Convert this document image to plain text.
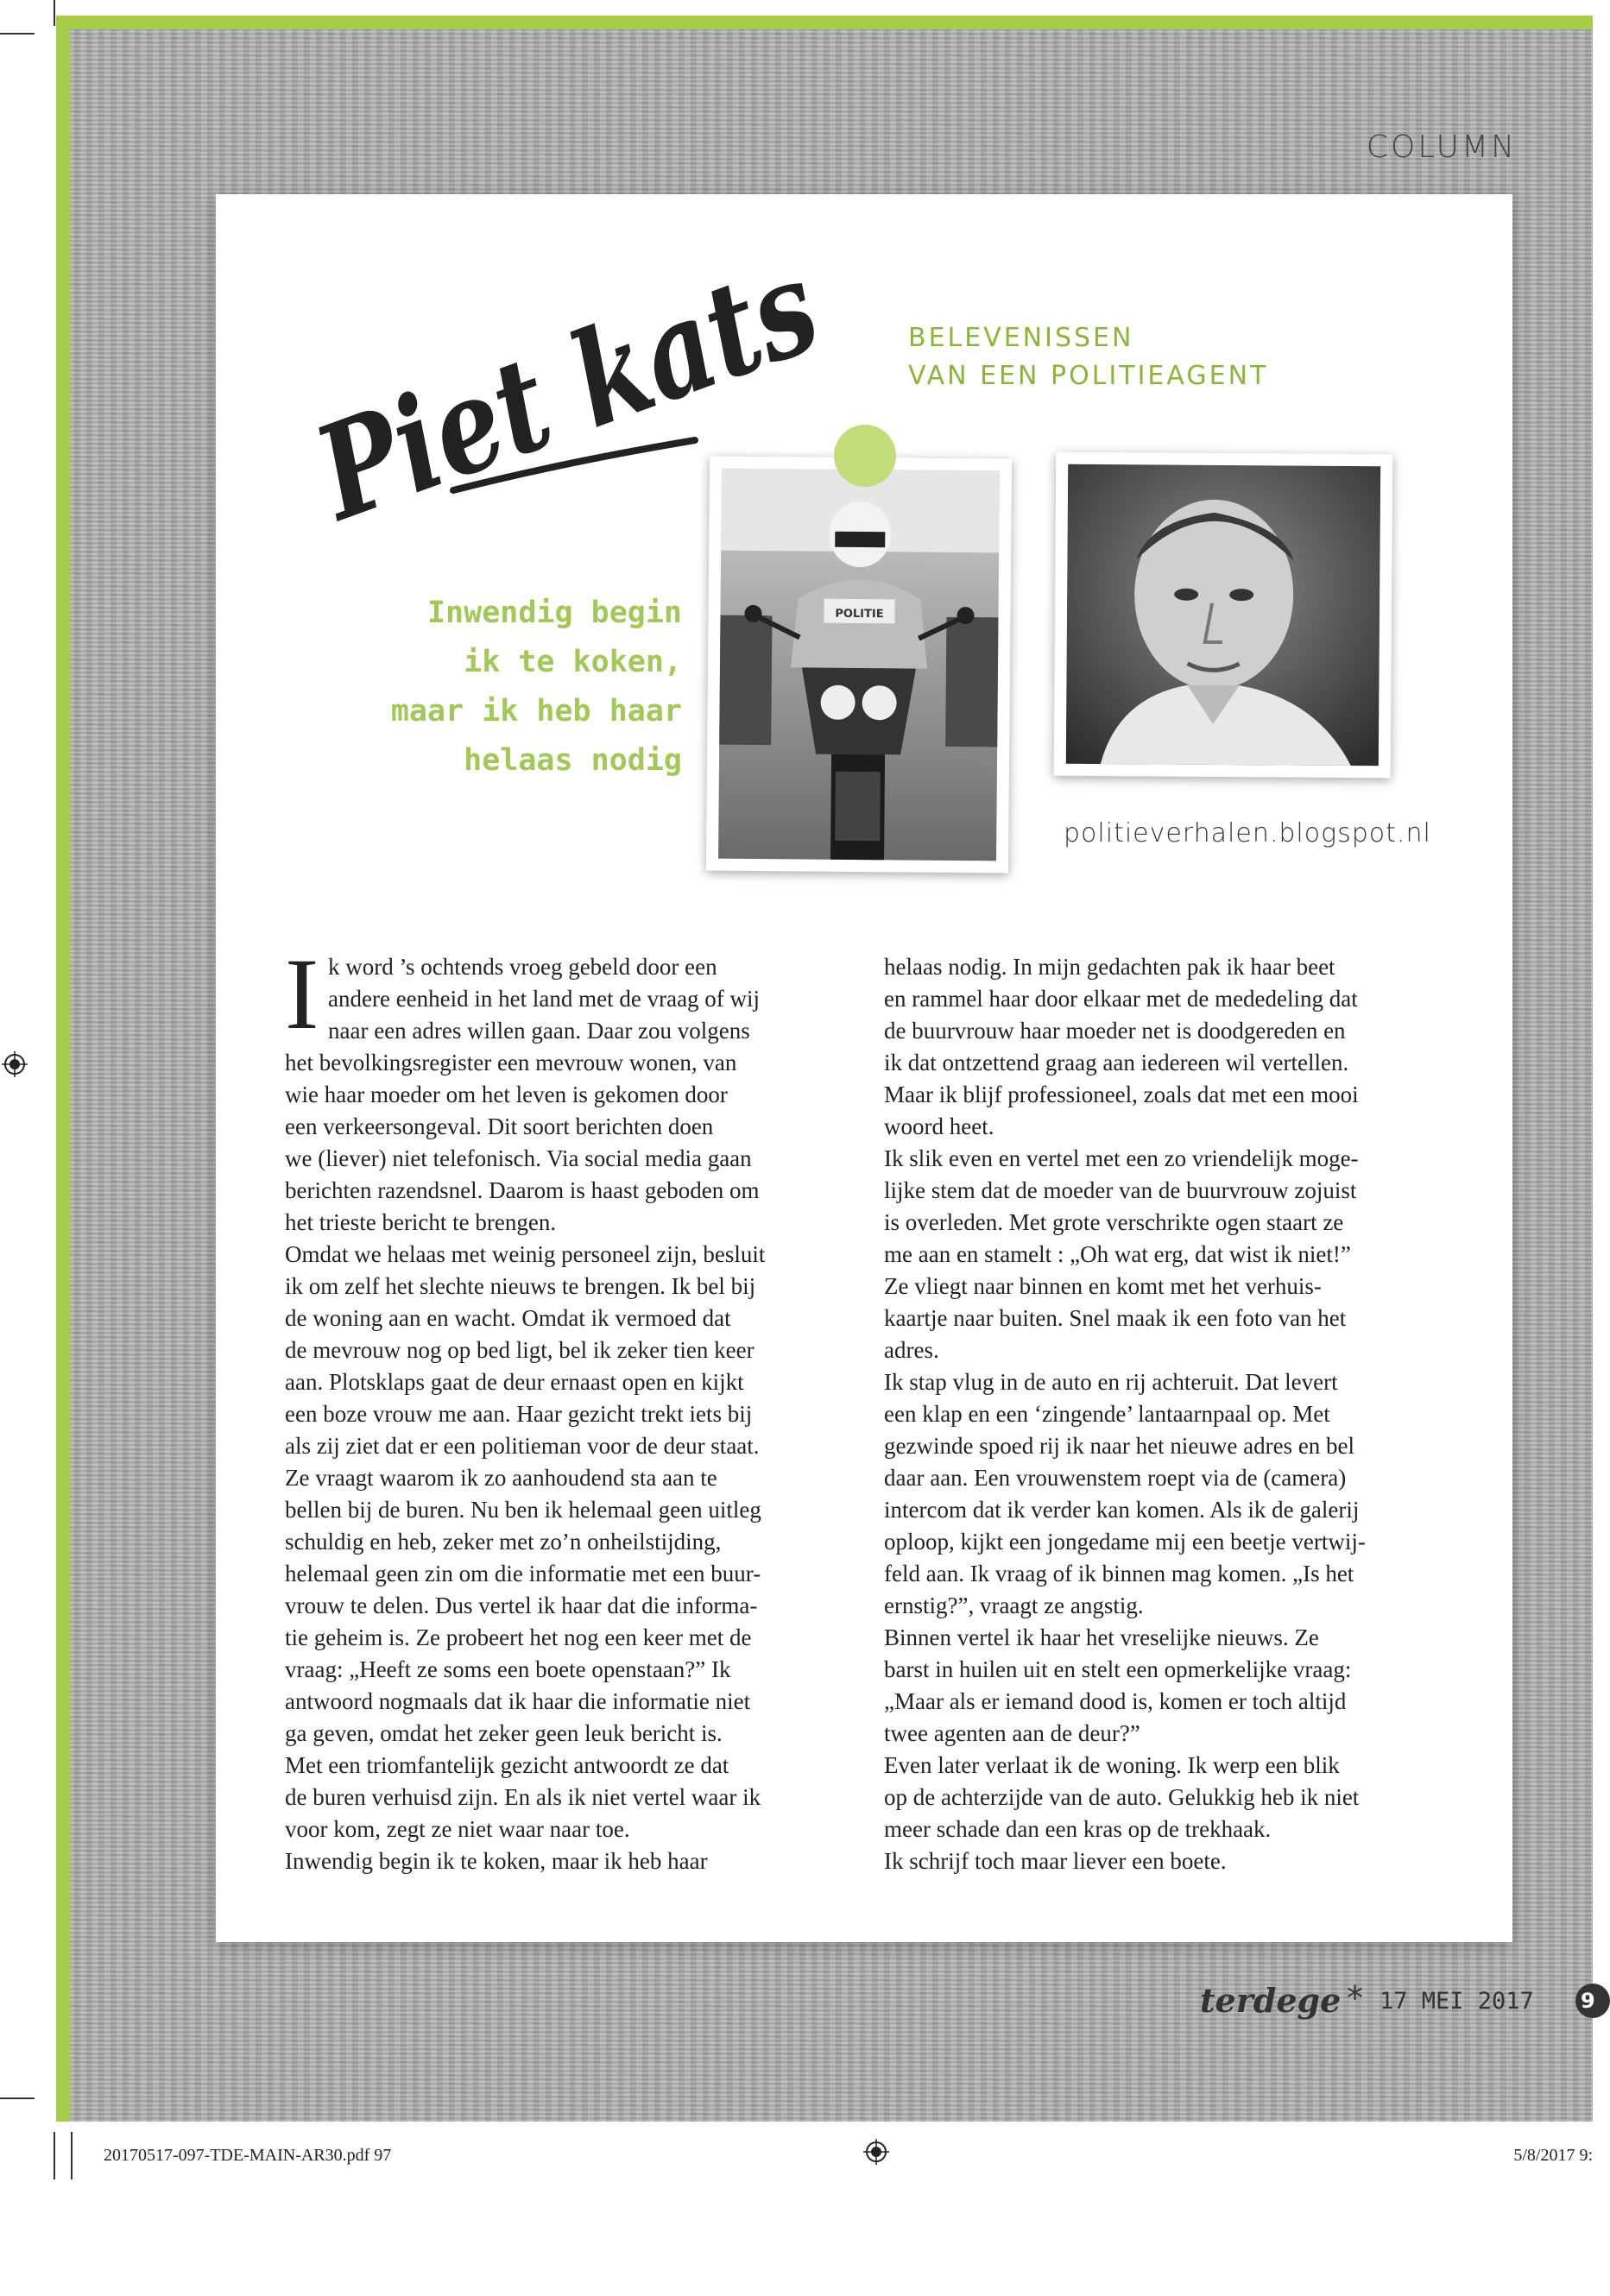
COLUMN
Piet kats
BELEVENISSEN
VAN EEN POLITIEAGENT
POLITIE
Inwendig begin
ik te koken,
maar ik heb haar
helaas nodig
politieverhalen.blogspot.nl
I k word ’s ochtends vroeg gebeld door een
andere eenheid in het land met de vraag of wij
naar een adres willen gaan. Daar zou volgens
het bevolkingsregister een mevrouw wonen, van
wie haar moeder om het leven is gekomen door
een verkeersongeval. Dit soort berichten doen
we (liever) niet telefonisch. Via social media gaan
berichten razendsnel. Daarom is haast geboden om
het trieste bericht te brengen.
Omdat we helaas met weinig personeel zijn, besluit
ik om zelf het slechte nieuws te brengen. Ik bel bij
de woning aan en wacht. Omdat ik vermoed dat
de mevrouw nog op bed ligt, bel ik zeker tien keer
aan. Plotsklaps gaat de deur ernaast open en kijkt
een boze vrouw me aan. Haar gezicht trekt iets bij
als zij ziet dat er een politieman voor de deur staat.
Ze vraagt waarom ik zo aanhoudend sta aan te
bellen bij de buren. Nu ben ik helemaal geen uitleg
schuldig en heb, zeker met zo’n onheilstijding,
helemaal geen zin om die informatie met een buur-
vrouw te delen. Dus vertel ik haar dat die informa-
tie geheim is. Ze probeert het nog een keer met de
vraag: „Heeft ze soms een boete openstaan?” Ik
antwoord nogmaals dat ik haar die informatie niet
ga geven, omdat het zeker geen leuk bericht is.
Met een triomfantelijk gezicht antwoordt ze dat
de buren verhuisd zijn. En als ik niet vertel waar ik
voor kom, zegt ze niet waar naar toe.
Inwendig begin ik te koken, maar ik heb haar
helaas nodig. In mijn gedachten pak ik haar beet
en rammel haar door elkaar met de mededeling dat
de buurvrouw haar moeder net is doodgereden en
ik dat ontzettend graag aan iedereen wil vertellen.
Maar ik blijf professioneel, zoals dat met een mooi
woord heet.
Ik slik even en vertel met een zo vriendelijk moge-
lijke stem dat de moeder van de buurvrouw zojuist
is overleden. Met grote verschrikte ogen staart ze
me aan en stamelt : „Oh wat erg, dat wist ik niet!”
Ze vliegt naar binnen en komt met het verhuis-
kaartje naar buiten. Snel maak ik een foto van het
adres.
Ik stap vlug in de auto en rij achteruit. Dat levert
een klap en een ‘zingende’ lantaarnpaal op. Met
gezwinde spoed rij ik naar het nieuwe adres en bel
daar aan. Een vrouwenstem roept via de (camera)
intercom dat ik verder kan komen. Als ik de galerij
oploop, kijkt een jongedame mij een beetje vertwij-
feld aan. Ik vraag of ik binnen mag komen. „Is het
ernstig?”, vraagt ze angstig.
Binnen vertel ik haar het vreselijke nieuws. Ze
barst in huilen uit en stelt een opmerkelijke vraag:
„Maar als er iemand dood is, komen er toch altijd
twee agenten aan de deur?”
Even later verlaat ik de woning. Ik werp een blik
op de achterzijde van de auto. Gelukkig heb ik niet
meer schade dan een kras op de trekhaak.
Ik schrijf toch maar liever een boete.
terdege * 17 MEI 2017 9
20170517-097-TDE-MAIN-AR30.pdf 97	5/8/2017 9:
